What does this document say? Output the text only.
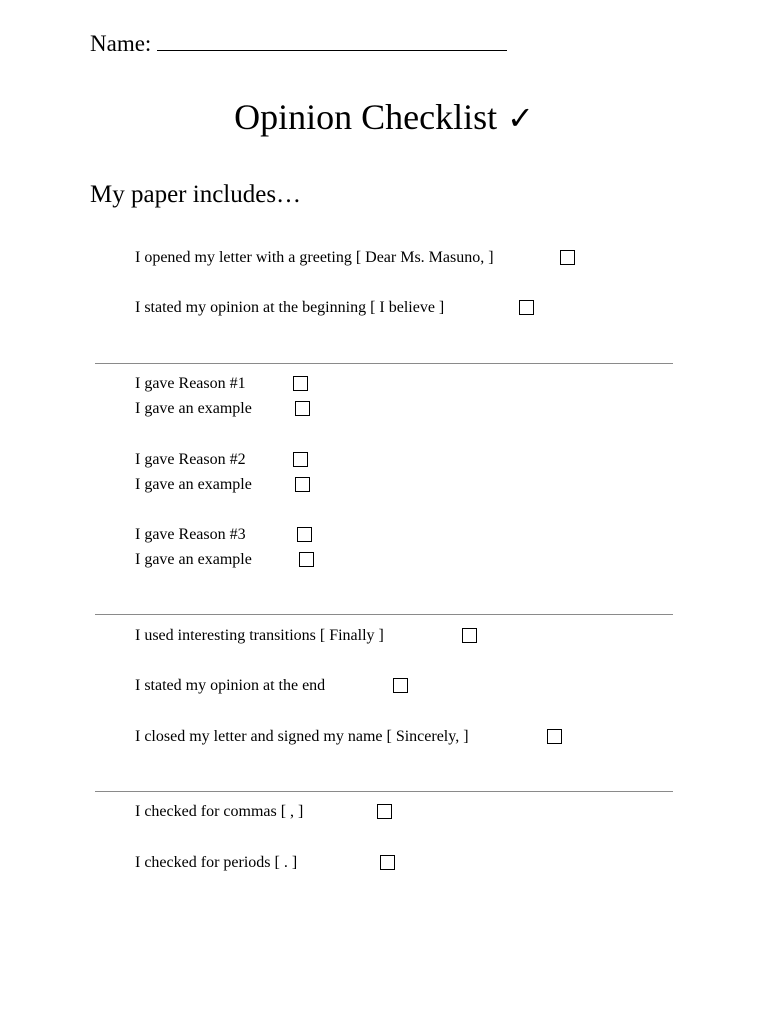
Name:
Opinion Checklist ✓
My paper includes…
I opened my letter with a greeting [ Dear Ms. Masuno, ]
I stated my opinion at the beginning [ I believe ]
I gave Reason #1
I gave an example
I gave Reason #2
I gave an example
I gave Reason #3
I gave an example
I used interesting transitions [ Finally ]
I stated my opinion at the end
I closed my letter and signed my name [ Sincerely, ]
I checked for commas [ , ]
I checked for periods [ . ]
